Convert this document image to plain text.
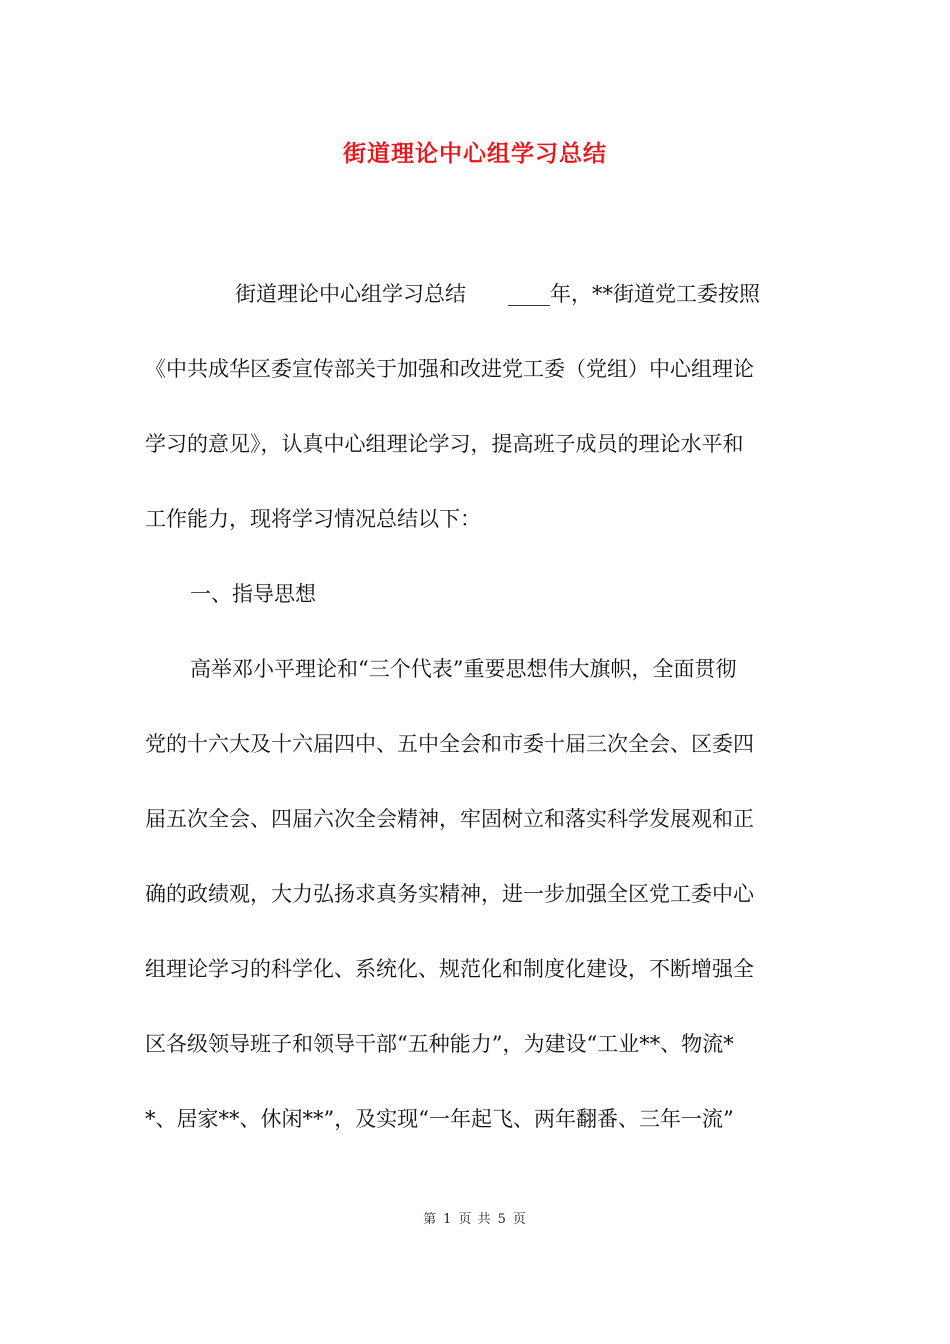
街道理论中心组学习总结
街道理论中心组学习总结 ____年，**街道党工委按照
《中共成华区委宣传部关于加强和改进党工委（党组）中心组理论
学习的意见》，认真中心组理论学习，提高班子成员的理论水平和
工作能力，现将学习情况总结以下：
一、指导思想
高举邓小平理论和“三个代表”重要思想伟大旗帜，全面贯彻
党的十六大及十六届四中、五中全会和市委十届三次全会、区委四
届五次全会、四届六次全会精神，牢固树立和落实科学发展观和正
确的政绩观，大力弘扬求真务实精神，进一步加强全区党工委中心
组理论学习的科学化、系统化、规范化和制度化建设，不断增强全
区各级领导班子和领导干部“五种能力”，为建设“工业**、物流*
*、居家**、休闲**”，及实现“一年起飞、两年翻番、三年一流”
第 1 页 共 5 页
